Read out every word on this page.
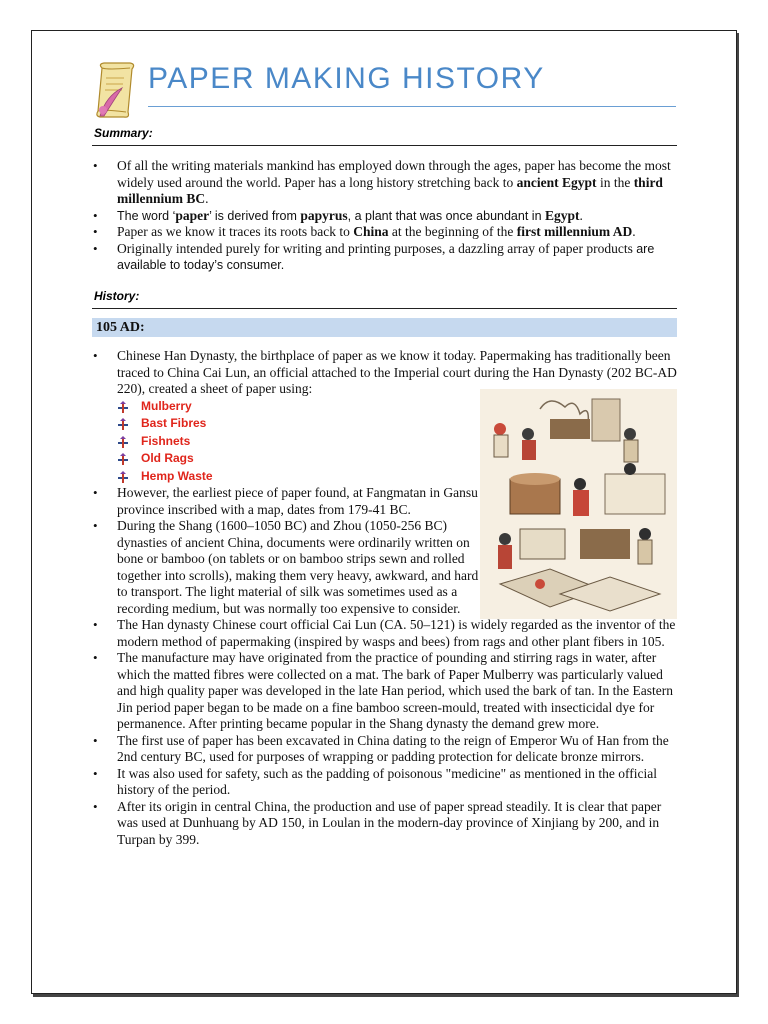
PAPER MAKING HISTORY
Summary:
• Of all the writing materials mankind has employed down through the ages, paper has become the most widely used around the world. Paper has a long history stretching back to ancient Egypt in the third millennium BC.
• The word ‘paper’ is derived from papyrus, a plant that was once abundant in Egypt.
• Paper as we know it traces its roots back to China at the beginning of the first millennium AD.
• Originally intended purely for writing and printing purposes, a dazzling array of paper products are available to today’s consumer.
History:
105 AD:
• Chinese Han Dynasty, the birthplace of paper as we know it today. Papermaking has traditionally been traced to China Cai Lun, an official attached to the Imperial court during the Han Dynasty (202 BC-AD 220), created a sheet of paper using:
Mulberry
Bast Fibres
Fishnets
Old Rags
Hemp Waste
• However, the earliest piece of paper found, at Fangmatan in Gansu province inscribed with a map, dates from 179-41 BC.
• During the Shang (1600–1050 BC) and Zhou (1050-256 BC) dynasties of ancient China, documents were ordinarily written on bone or bamboo (on tablets or on bamboo strips sewn and rolled together into scrolls), making them very heavy, awkward, and hard to transport. The light material of silk was sometimes used as a recording medium, but was normally too expensive to consider.
• The Han dynasty Chinese court official Cai Lun (CA. 50–121) is widely regarded as the inventor of the modern method of papermaking (inspired by wasps and bees) from rags and other plant fibers in 105.
• The manufacture may have originated from the practice of pounding and stirring rags in water, after which the matted fibres were collected on a mat. The bark of Paper Mulberry was particularly valued and high quality paper was developed in the late Han period, which used the bark of tan. In the Eastern Jin period paper began to be made on a fine bamboo screen-mould, treated with insecticidal dye for permanence. After printing became popular in the Shang dynasty the demand grew more.
• The first use of paper has been excavated in China dating to the reign of Emperor Wu of Han from the 2nd century BC, used for purposes of wrapping or padding protection for delicate bronze mirrors.
• It was also used for safety, such as the padding of poisonous "medicine" as mentioned in the official history of the period.
• After its origin in central China, the production and use of paper spread steadily. It is clear that paper was used at Dunhuang by AD 150, in Loulan in the modern-day province of Xinjiang by 200, and in Turpan by 399.
